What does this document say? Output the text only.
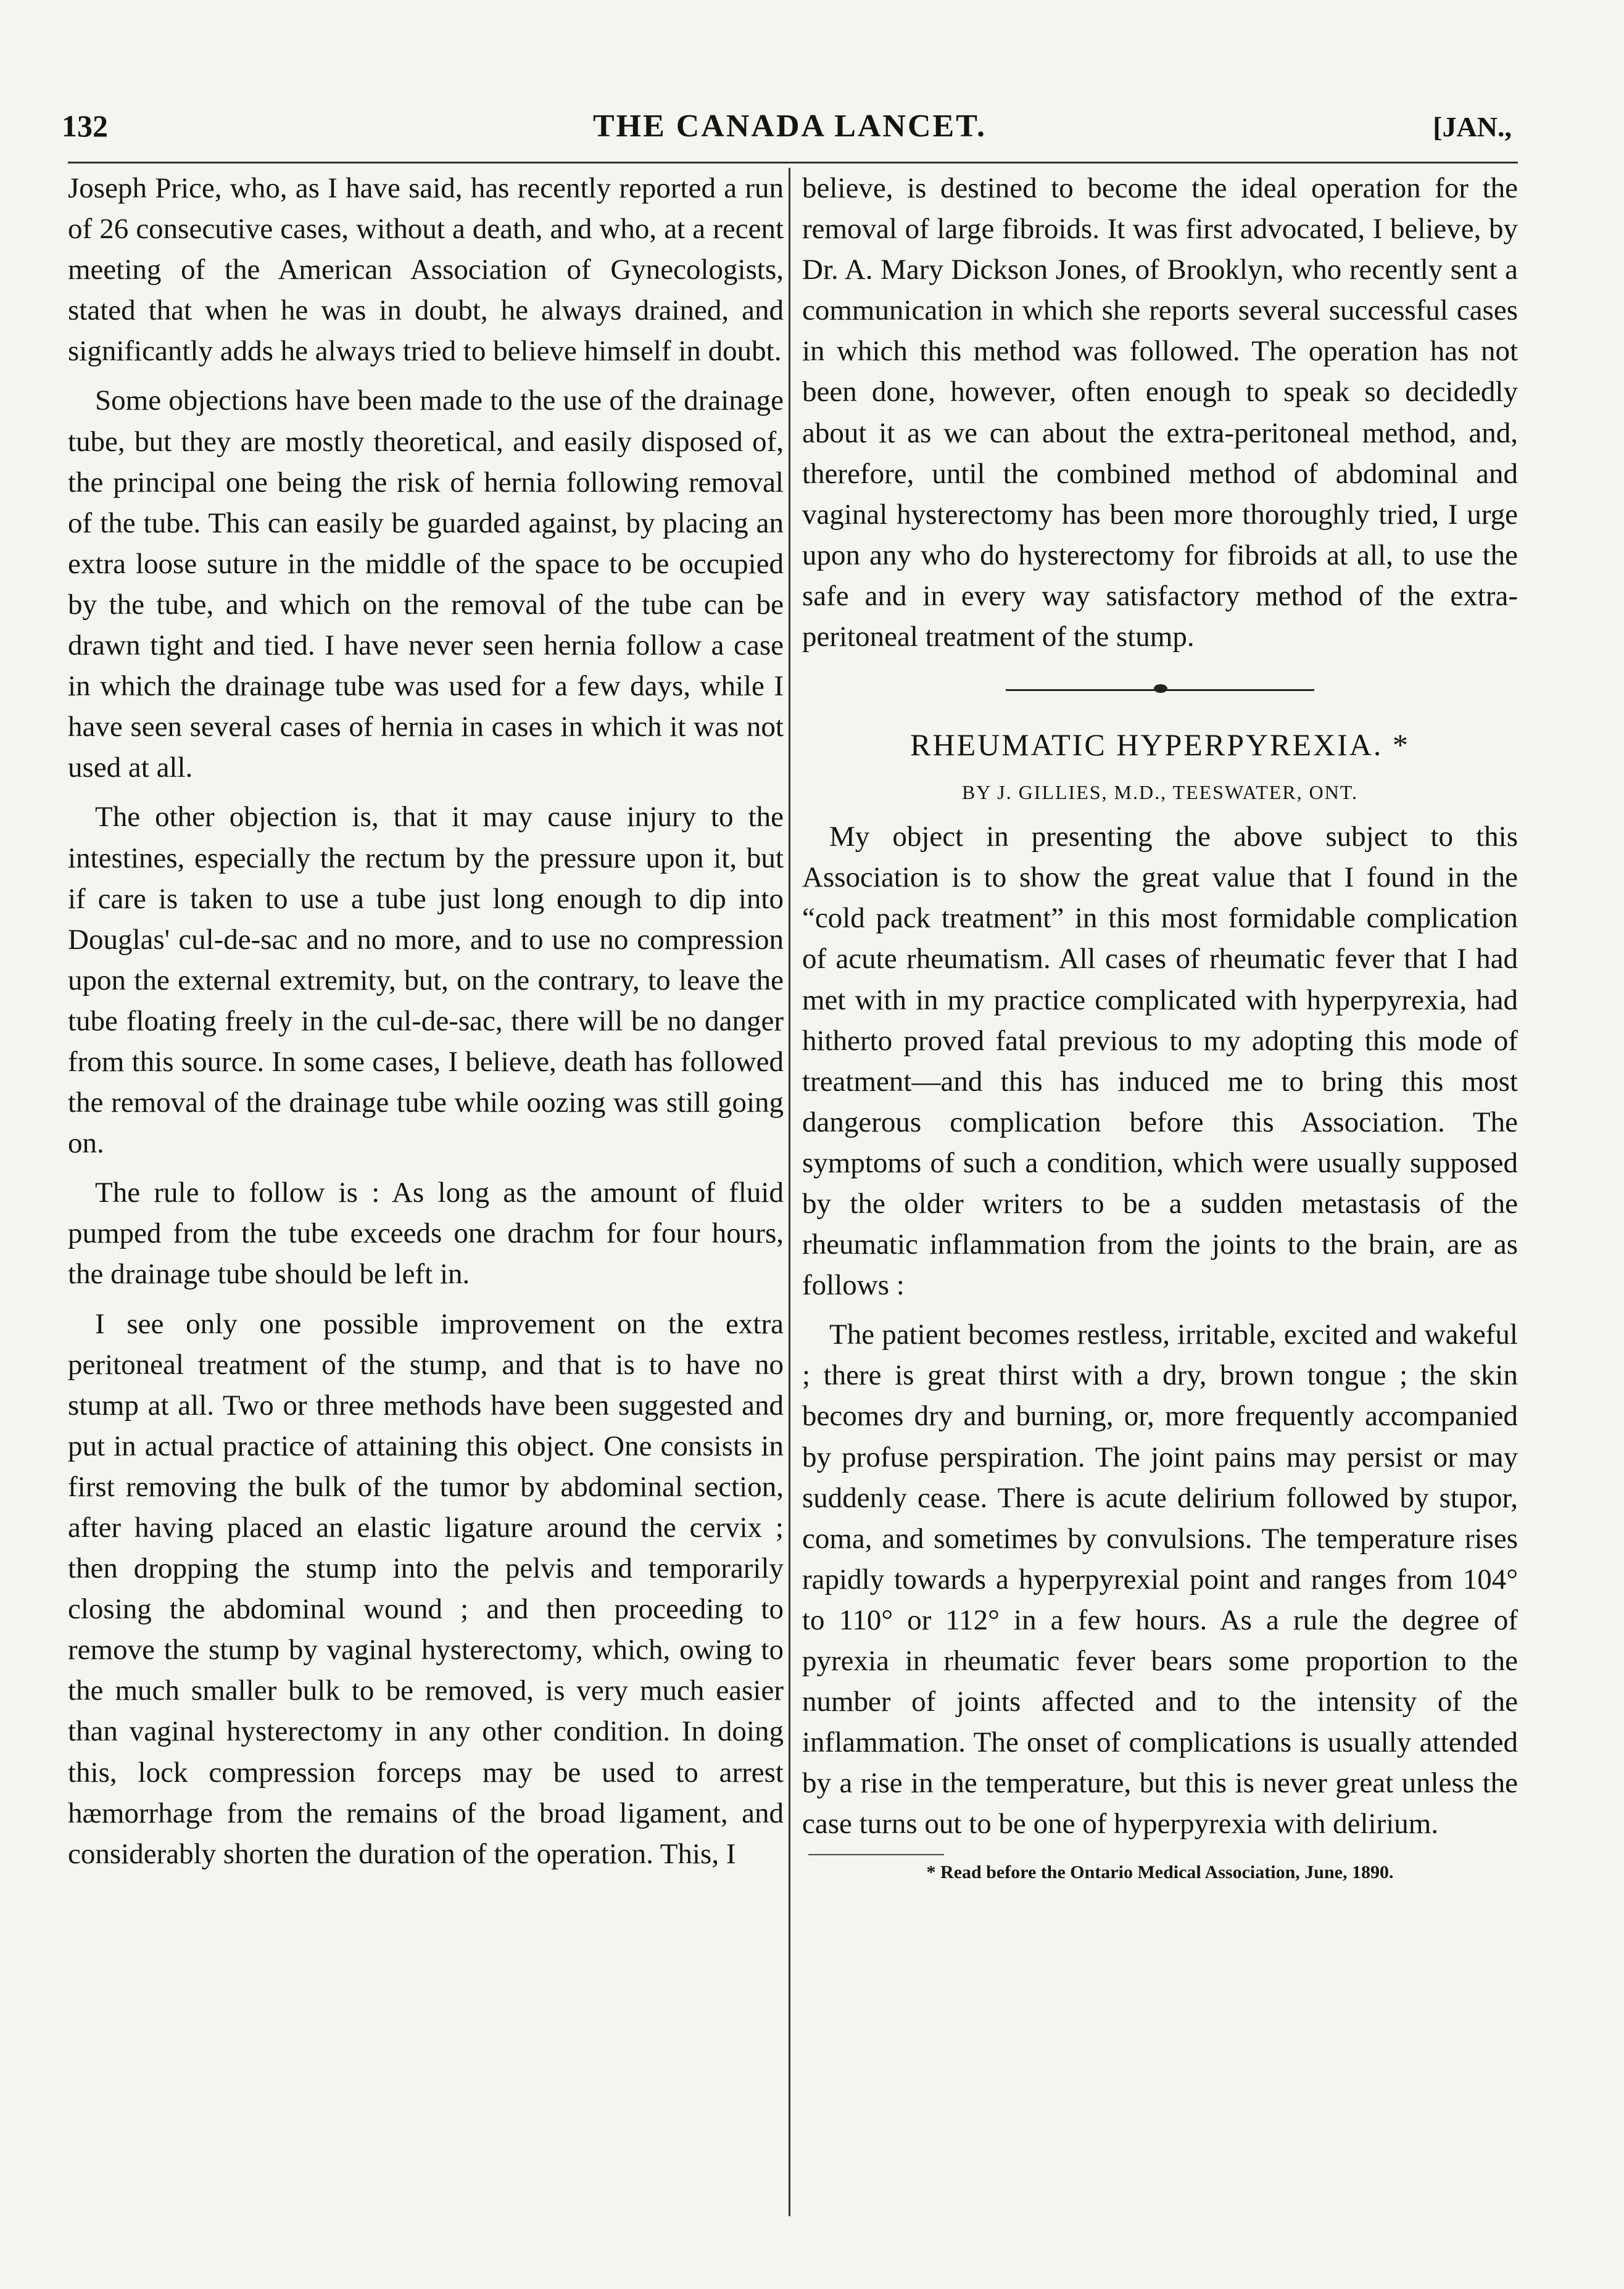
132	THE CANADA LANCET.	[JAN.,

Joseph Price, who, as I have said, has recently reported a run of 26 consecutive cases, without a death, and who, at a recent meeting of the American Association of Gynecologists, stated that when he was in doubt, he always drained, and significantly adds he always tried to believe himself in doubt.

Some objections have been made to the use of the drainage tube, but they are mostly theoretical, and easily disposed of, the principal one being the risk of hernia following removal of the tube. This can easily be guarded against, by placing an extra loose suture in the middle of the space to be occupied by the tube, and which on the removal of the tube can be drawn tight and tied. I have never seen hernia follow a case in which the drainage tube was used for a few days, while I have seen several cases of hernia in cases in which it was not used at all.

The other objection is, that it may cause injury to the intestines, especially the rectum by the pressure upon it, but if care is taken to use a tube just long enough to dip into Douglas' cul-de-sac and no more, and to use no compression upon the external extremity, but, on the contrary, to leave the tube floating freely in the cul-de-sac, there will be no danger from this source. In some cases, I believe, death has followed the removal of the drainage tube while oozing was still going on.

The rule to follow is : As long as the amount of fluid pumped from the tube exceeds one drachm for four hours, the drainage tube should be left in.

I see only one possible improvement on the extra peritoneal treatment of the stump, and that is to have no stump at all. Two or three methods have been suggested and put in actual practice of attaining this object. One consists in first removing the bulk of the tumor by abdominal section, after having placed an elastic ligature around the cervix ; then dropping the stump into the pelvis and temporarily closing the abdominal wound ; and then proceeding to remove the stump by vaginal hysterectomy, which, owing to the much smaller bulk to be removed, is very much easier than vaginal hysterectomy in any other condition. In doing this, lock compression forceps may be used to arrest hæmorrhage from the remains of the broad ligament, and considerably shorten the duration of the operation. This, I

believe, is destined to become the ideal operation for the removal of large fibroids. It was first advocated, I believe, by Dr. A. Mary Dickson Jones, of Brooklyn, who recently sent a communication in which she reports several successful cases in which this method was followed. The operation has not been done, however, often enough to speak so decidedly about it as we can about the extra-peritoneal method, and, therefore, until the combined method of abdominal and vaginal hysterectomy has been more thoroughly tried, I urge upon any who do hysterectomy for fibroids at all, to use the safe and in every way satisfactory method of the extra-peritoneal treatment of the stump.

RHEUMATIC HYPERPYREXIA. *
BY J. GILLIES, M.D., TEESWATER, ONT.

My object in presenting the above subject to this Association is to show the great value that I found in the “cold pack treatment” in this most formidable complication of acute rheumatism. All cases of rheumatic fever that I had met with in my practice complicated with hyperpyrexia, had hitherto proved fatal previous to my adopting this mode of treatment—and this has induced me to bring this most dangerous complication before this Association. The symptoms of such a condition, which were usually supposed by the older writers to be a sudden metastasis of the rheumatic inflammation from the joints to the brain, are as follows :

The patient becomes restless, irritable, excited and wakeful ; there is great thirst with a dry, brown tongue ; the skin becomes dry and burning, or, more frequently accompanied by profuse perspiration. The joint pains may persist or may suddenly cease. There is acute delirium followed by stupor, coma, and sometimes by convulsions. The temperature rises rapidly towards a hyperpyrexial point and ranges from 104° to 110° or 112° in a few hours. As a rule the degree of pyrexia in rheumatic fever bears some proportion to the number of joints affected and to the intensity of the inflammation. The onset of complications is usually attended by a rise in the temperature, but this is never great unless the case turns out to be one of hyperpyrexia with delirium.

* Read before the Ontario Medical Association, June, 1890.
